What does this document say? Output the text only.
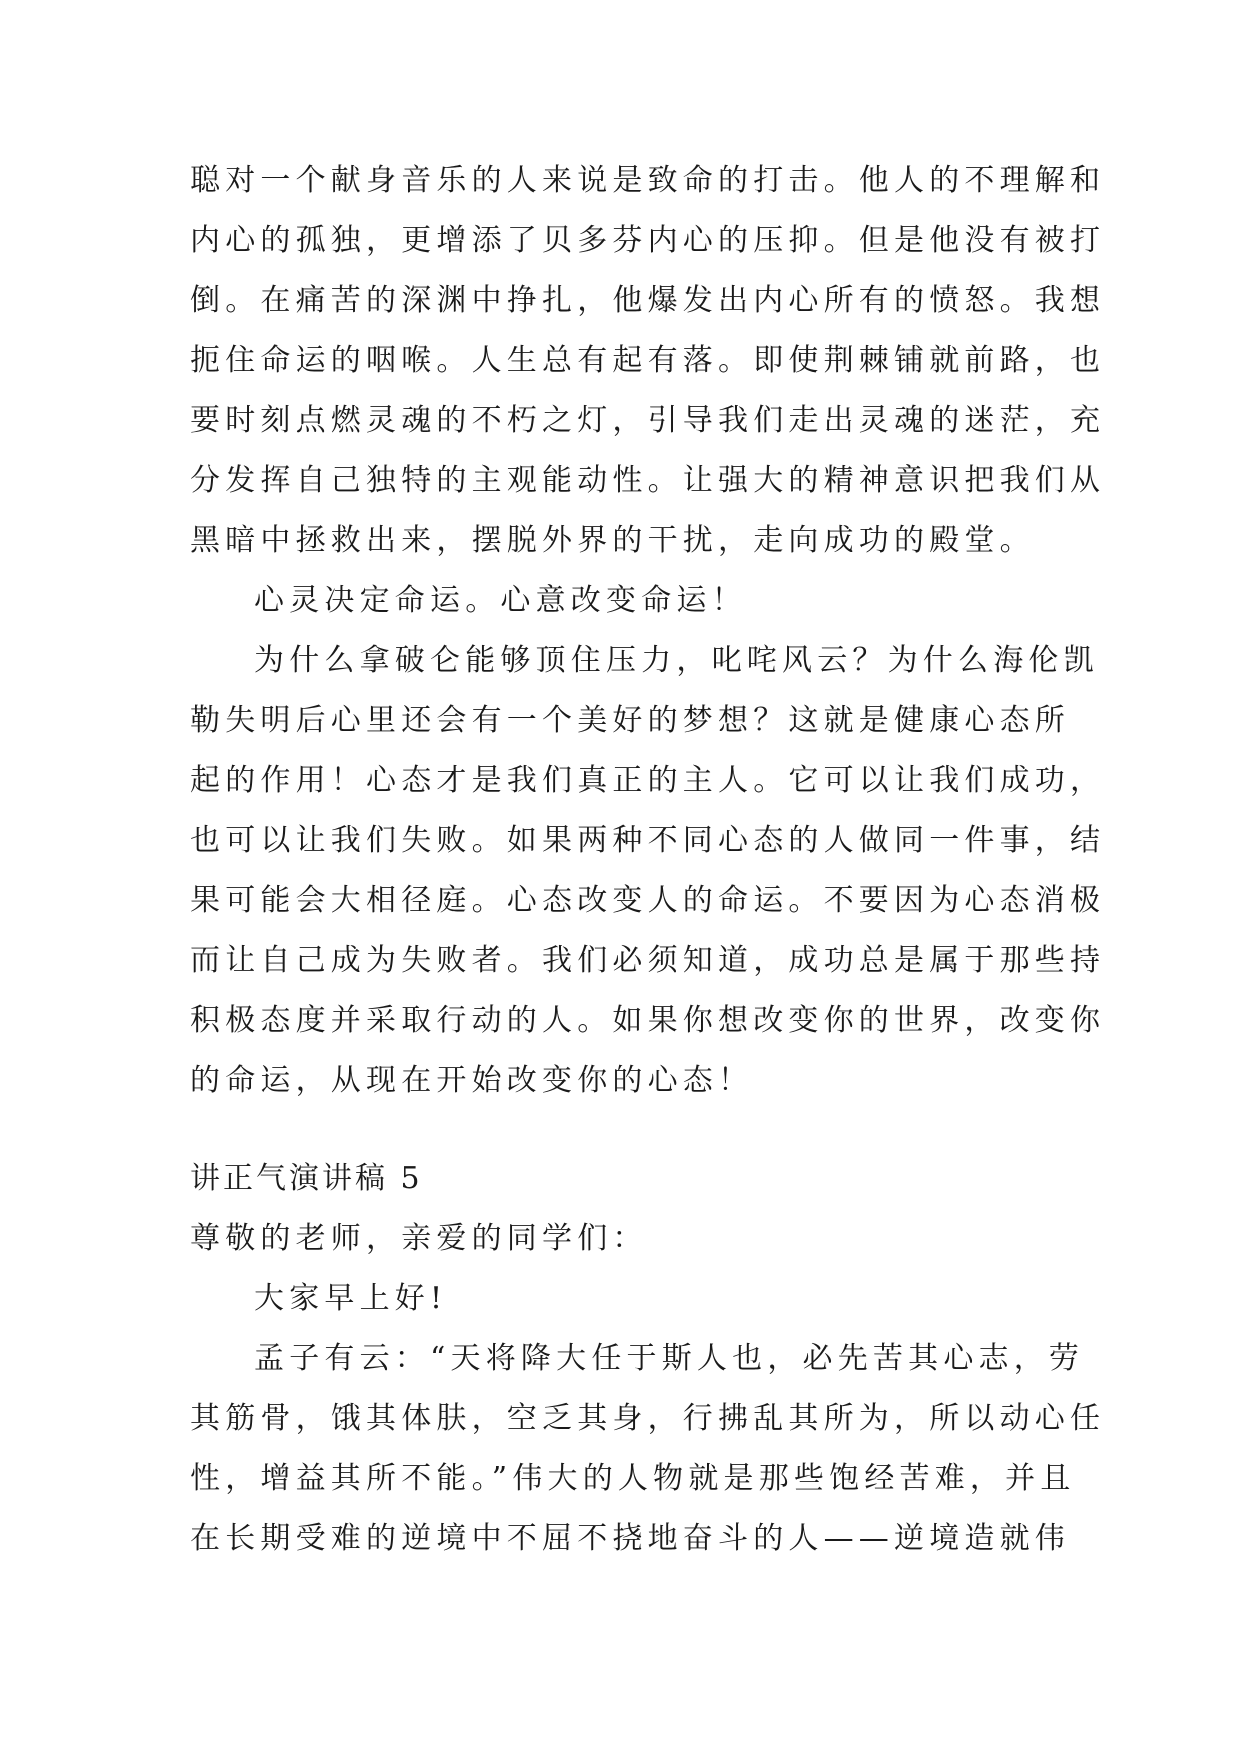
聪对一个献身音乐的人来说是致命的打击。他人的不理解和
内心的孤独，更增添了贝多芬内心的压抑。但是他没有被打
倒。在痛苦的深渊中挣扎，他爆发出内心所有的愤怒。我想
扼住命运的咽喉。人生总有起有落。即使荆棘铺就前路，也
要时刻点燃灵魂的不朽之灯，引导我们走出灵魂的迷茫，充
分发挥自己独特的主观能动性。让强大的精神意识把我们从
黑暗中拯救出来，摆脱外界的干扰，走向成功的殿堂。
心灵决定命运。心意改变命运！
为什么拿破仑能够顶住压力，叱咤风云？为什么海伦凯
勒失明后心里还会有一个美好的梦想？这就是健康心态所
起的作用！心态才是我们真正的主人。它可以让我们成功，
也可以让我们失败。如果两种不同心态的人做同一件事，结
果可能会大相径庭。心态改变人的命运。不要因为心态消极
而让自己成为失败者。我们必须知道，成功总是属于那些持
积极态度并采取行动的人。如果你想改变你的世界，改变你
的命运，从现在开始改变你的心态！
讲正气演讲稿 5
尊敬的老师，亲爱的同学们：
大家早上好!
孟子有云：“天将降大任于斯人也，必先苦其心志，劳
其筋骨，饿其体肤，空乏其身，行拂乱其所为，所以动心任
性，增益其所不能。”伟大的人物就是那些饱经苦难，并且
在长期受难的逆境中不屈不挠地奋斗的人——逆境造就伟
